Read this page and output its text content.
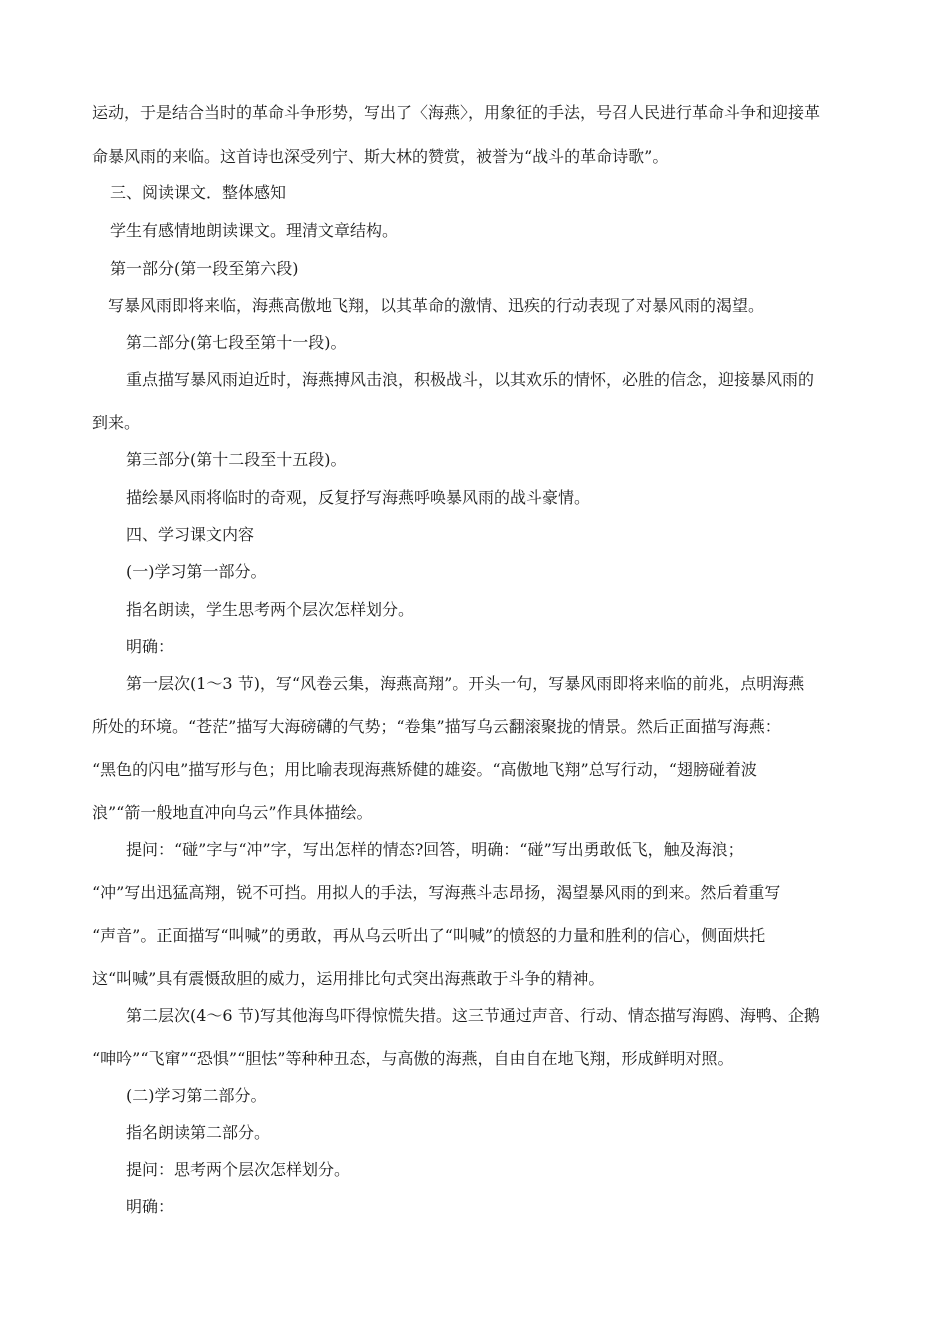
运动，于是结合当时的革命斗争形势，写出了〈海燕〉，用象征的手法，号召人民进行革命斗争和迎接革
命暴风雨的来临。这首诗也深受列宁、斯大林的赞赏，被誉为“战斗的革命诗歌”。
三、阅读课文．整体感知
学生有感情地朗读课文。理清文章结构。
第一部分(第一段至第六段)
写暴风雨即将来临，海燕高傲地飞翔，以其革命的激情、迅疾的行动表现了对暴风雨的渴望。
第二部分(第七段至第十一段)。
重点描写暴风雨迫近时，海燕搏风击浪，积极战斗，以其欢乐的情怀，必胜的信念，迎接暴风雨的
到来。
第三部分(第十二段至十五段)。
描绘暴风雨将临时的奇观，反复抒写海燕呼唤暴风雨的战斗豪情。
四、学习课文内容
(一)学习第一部分。
指名朗读，学生思考两个层次怎样划分。
明确：
第一层次(1～3 节)，写“风卷云集，海燕高翔”。开头一句，写暴风雨即将来临的前兆，点明海燕
所处的环境。“苍茫”描写大海磅礴的气势；“卷集”描写乌云翻滚聚拢的情景。然后正面描写海燕：
“黑色的闪电”描写形与色；用比喻表现海燕矫健的雄姿。“高傲地飞翔”总写行动，“翅膀碰着波
浪”“箭一般地直冲向乌云”作具体描绘。
提问：“碰”字与“冲”字，写出怎样的情态?回答，明确：“碰”写出勇敢低飞，触及海浪；
“冲”写出迅猛高翔，锐不可挡。用拟人的手法，写海燕斗志昂扬，渴望暴风雨的到来。然后着重写
“声音”。正面描写“叫喊”的勇敢，再从乌云听出了“叫喊”的愤怒的力量和胜利的信心，侧面烘托
这“叫喊”具有震慑敌胆的威力，运用排比句式突出海燕敢于斗争的精神。
第二层次(4～6 节)写其他海鸟吓得惊慌失措。这三节通过声音、行动、情态描写海鸥、海鸭、企鹅
“呻吟”“飞窜”“恐惧”“胆怯”等种种丑态，与高傲的海燕，自由自在地飞翔，形成鲜明对照。
(二)学习第二部分。
指名朗读第二部分。
提问：思考两个层次怎样划分。
明确：
